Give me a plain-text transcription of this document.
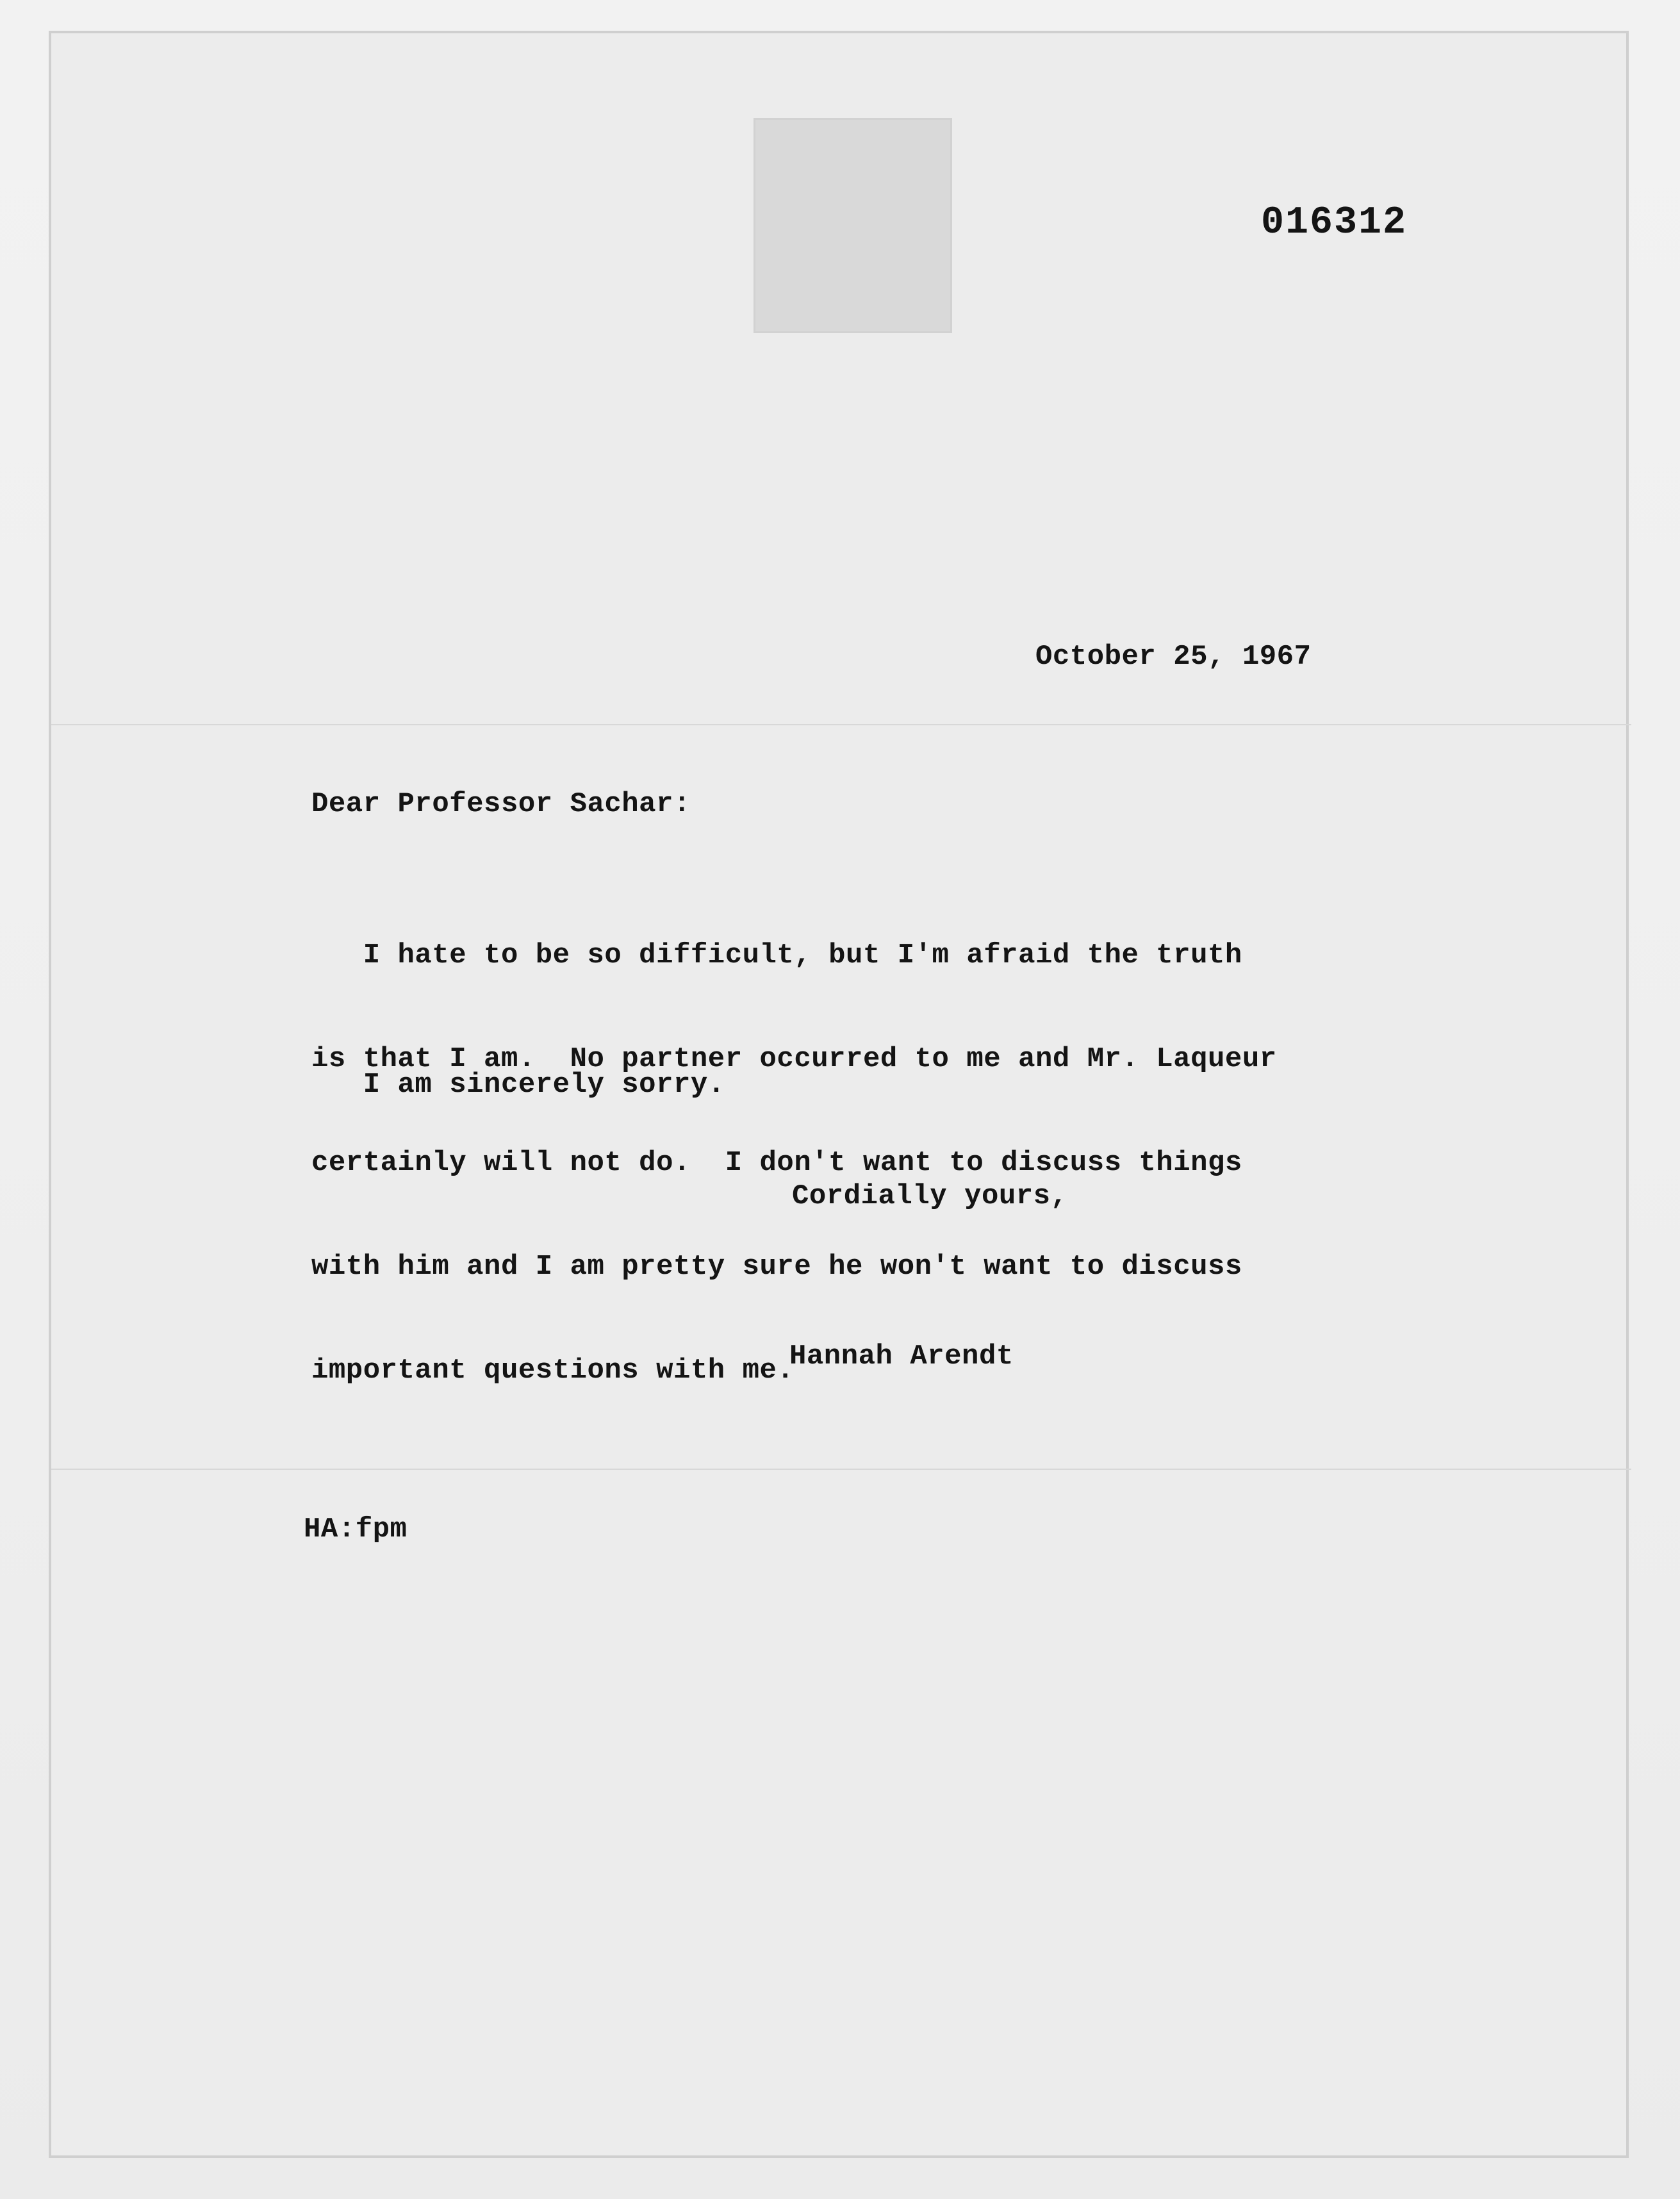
016312
October 25, 1967
Dear Professor Sachar:

I hate to be so difficult, but I'm afraid the truth

is that I am.  No partner occurred to me and Mr. Laqueur

certainly will not do.  I don't want to discuss things

with him and I am pretty sure he won't want to discuss

important questions with me.

I am sincerely sorry.
Cordially yours,
Hannah Arendt
HA:fpm
